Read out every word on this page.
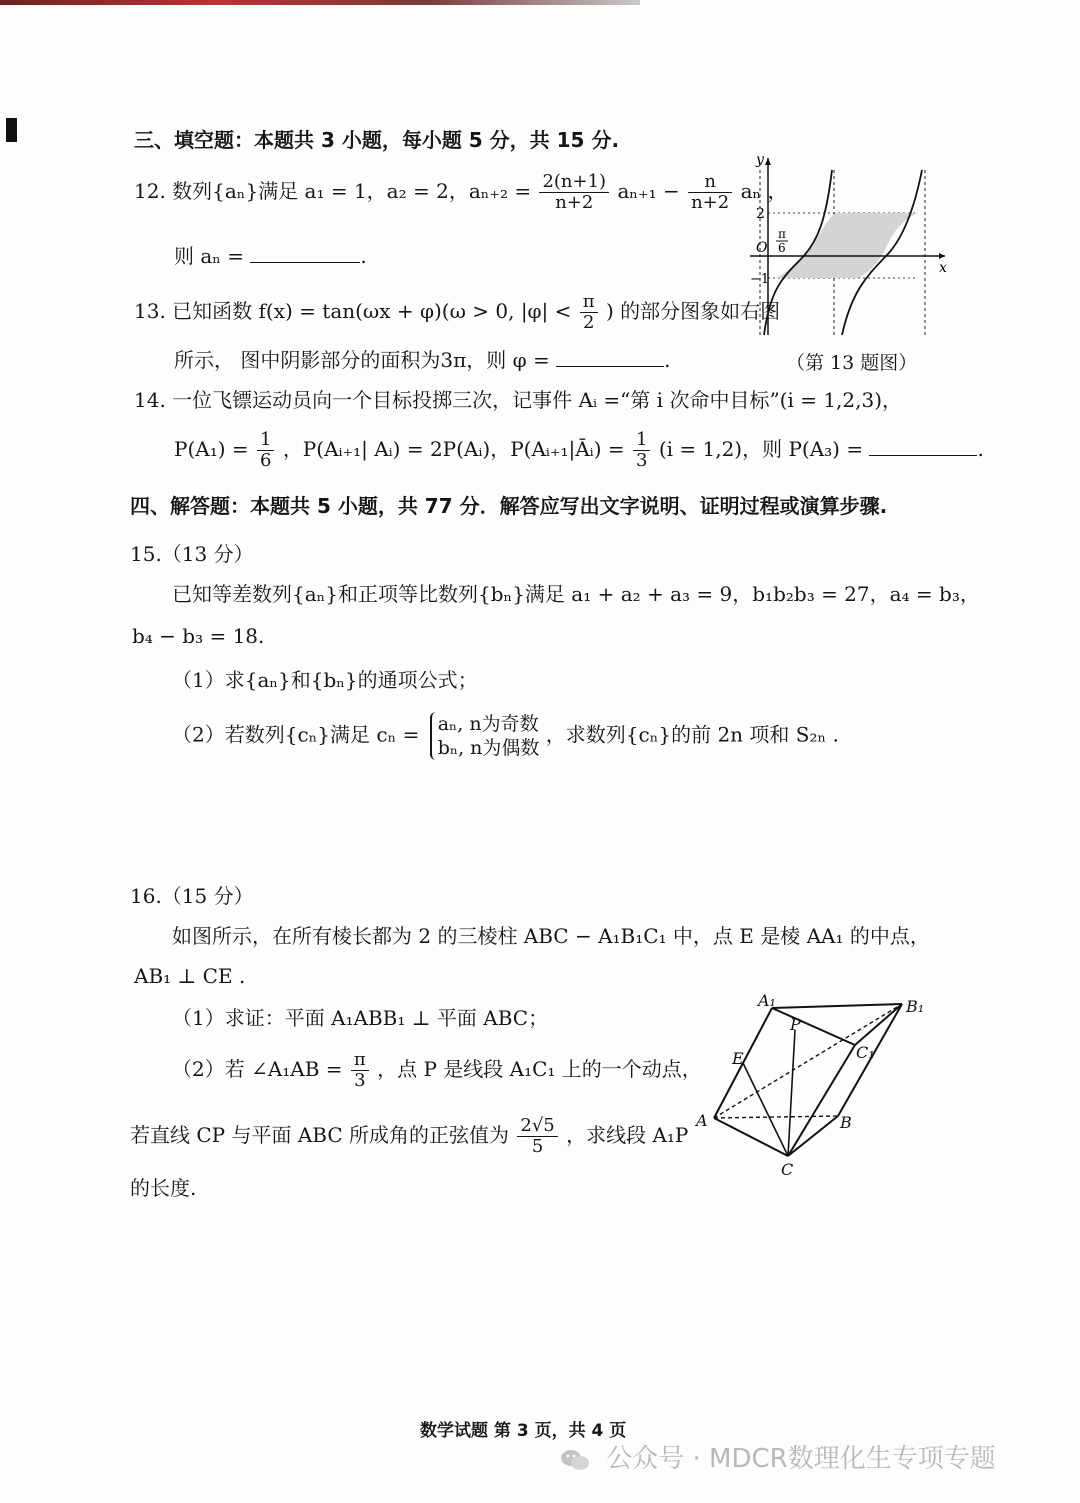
三、填空题：本题共 3 小题，每小题 5 分，共 15 分.
12. 数列{aₙ}满足 a₁ = 1，a₂ = 2，$a_{n+2} = \frac{2(n+1)}{n+2} a_{n+1} - \frac{n}{n+2}$ aₙ ，
则 aₙ =	.
13. 已知函数 f(x) = tan(ωx + φ)(ω > 0, $|\varphi| < \frac{\pi}{2}$ ) 的部分图象如右图
所示， 图中阴影部分的面积为3π，则 φ =	.
y
x
O
2
−1
π
6
（第 13 题图）
14. 一位飞镖运动员向一个目标投掷三次，记事件 Aᵢ =“第 i 次命中目标”(i = 1,2,3)，
$P(A_1) = \frac{1}{6}$ ，P(Aᵢ₊₁| Aᵢ) = 2P(Aᵢ)，P(Aᵢ₊₁|Āᵢ) = $\frac{1}{3} (i = 1,2)$，则 P(A₃) =	.
四、解答题：本题共 5 小题，共 77 分．解答应写出文字说明、证明过程或演算步骤.
15.（13 分）
已知等差数列{aₙ}和正项等比数列{bₙ}满足 a₁ + a₂ + a₃ = 9，b₁b₂b₃ = 27，a₄ = b₃，
b₄ − b₃ = 18.
（1）求{aₙ}和{bₙ}的通项公式；
（2）若数列{cₙ}满足 cₙ = aₙ, n为奇数
bₙ, n为偶数
，求数列{cₙ}的前 2n 项和 S₂ₙ .
16.（15 分）
如图所示，在所有棱长都为 2 的三棱柱 ABC − A₁B₁C₁ 中，点 E 是棱 AA₁ 的中点，
AB₁ ⊥ CE .
（1）求证：平面 A₁ABB₁ ⊥ 平面 ABC；
（2）若 ∠A₁AB = $\frac{\pi}{3}$ ，点 P 是线段 A₁C₁ 上的一个动点，
若直线 CP 与平面 ABC 所成角的正弦值为 $\frac{2√5}{5}$ ，求线段 A₁P
的长度.
A₁	B₁
C₁
P
E
A	B
C
数学试题 第 3 页，共 4 页
公众号 · MDCR数理化生专项专题
